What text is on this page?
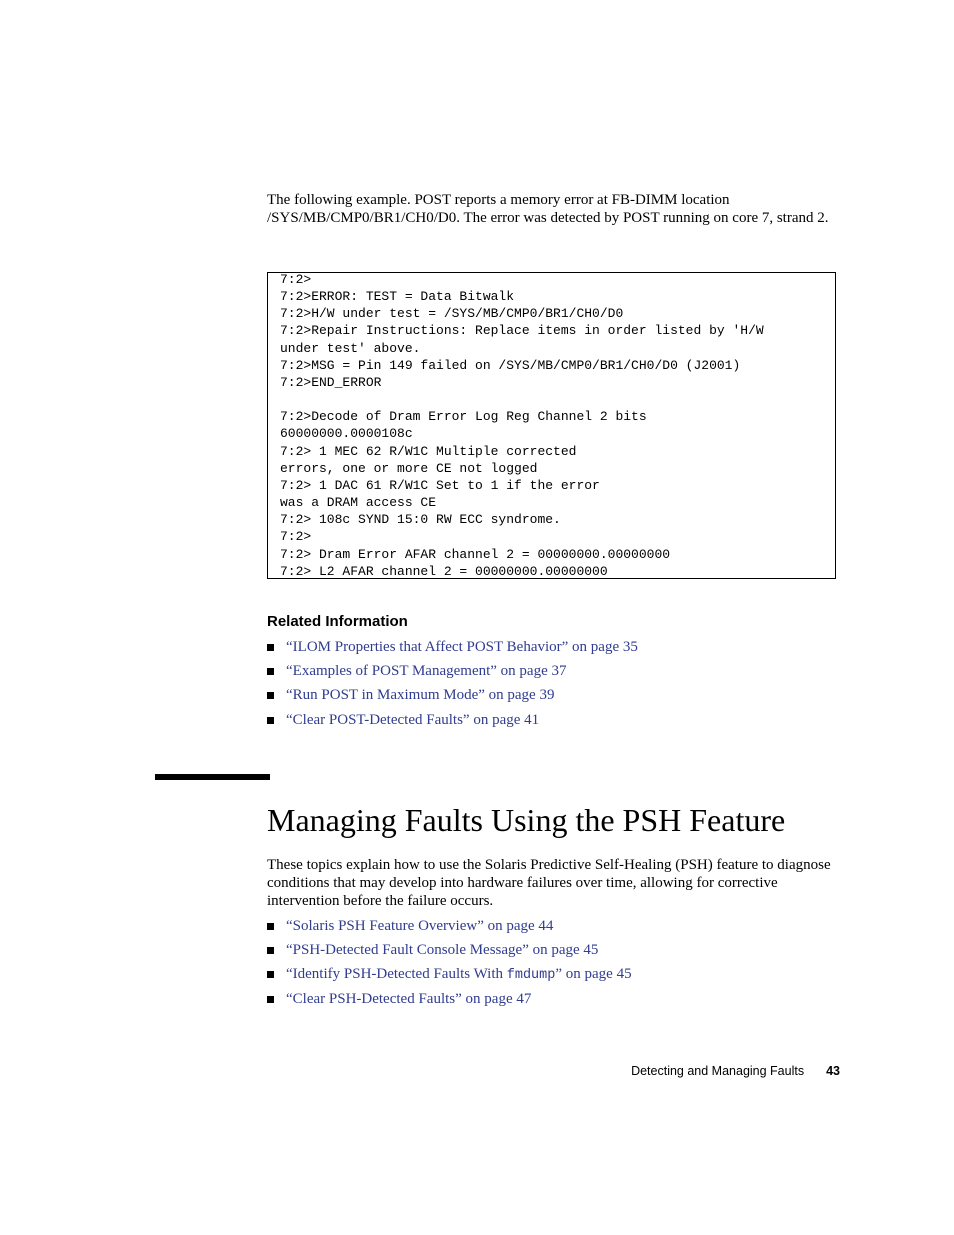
The following example. POST reports a memory error at FB-DIMM location /SYS/MB/CMP0/BR1/CH0/D0. The error was detected by POST running on core 7, strand 2.

7:2>
7:2>ERROR: TEST = Data Bitwalk
7:2>H/W under test = /SYS/MB/CMP0/BR1/CH0/D0
7:2>Repair Instructions: Replace items in order listed by 'H/W
under test' above.
7:2>MSG = Pin 149 failed on /SYS/MB/CMP0/BR1/CH0/D0 (J2001)
7:2>END_ERROR

7:2>Decode of Dram Error Log Reg Channel 2 bits
60000000.0000108c
7:2> 1 MEC 62 R/W1C Multiple corrected
errors, one or more CE not logged
7:2> 1 DAC 61 R/W1C Set to 1 if the error
was a DRAM access CE
7:2> 108c SYND 15:0 RW ECC syndrome.
7:2>
7:2> Dram Error AFAR channel 2 = 00000000.00000000
7:2> L2 AFAR channel 2 = 00000000.00000000
Related Information
“ILOM Properties that Affect POST Behavior” on page 35
“Examples of POST Management” on page 37
“Run POST in Maximum Mode” on page 39
“Clear POST-Detected Faults” on page 41
Managing Faults Using the PSH Feature

These topics explain how to use the Solaris Predictive Self-Healing (PSH) feature to diagnose conditions that may develop into hardware failures over time, allowing for corrective intervention before the failure occurs.

“Solaris PSH Feature Overview” on page 44
“PSH-Detected Fault Console Message” on page 45
“Identify PSH-Detected Faults With fmdump” on page 45
“Clear PSH-Detected Faults” on page 47
Detecting and Managing Faults 43
